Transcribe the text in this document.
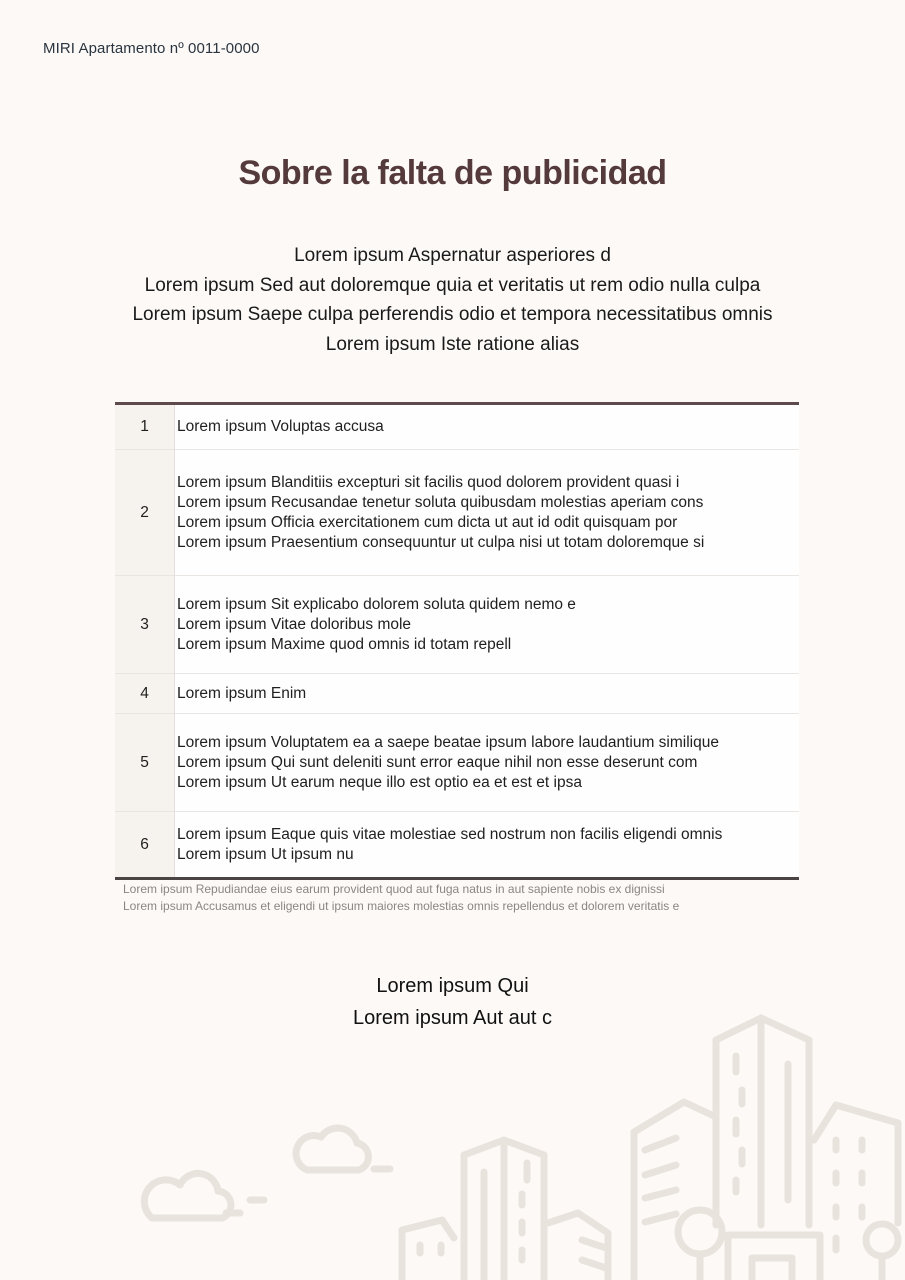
MIRI Apartamento nº 0011-0000
Sobre la falta de publicidad
Lorem ipsum Aspernatur asperiores d
Lorem ipsum Sed aut doloremque quia et veritatis ut rem odio nulla culpa
Lorem ipsum Saepe culpa perferendis odio et tempora necessitatibus omnis
Lorem ipsum Iste ratione alias
1	Lorem ipsum Voluptas accusa

2	Lorem ipsum Blanditiis excepturi sit facilis quod dolorem provident quasi i
Lorem ipsum Recusandae tenetur soluta quibusdam molestias aperiam cons
Lorem ipsum Officia exercitationem cum dicta ut aut id odit quisquam por
Lorem ipsum Praesentium consequuntur ut culpa nisi ut totam doloremque si

3	Lorem ipsum Sit explicabo dolorem soluta quidem nemo e
Lorem ipsum Vitae doloribus mole
Lorem ipsum Maxime quod omnis id totam repell

4	Lorem ipsum Enim

5	Lorem ipsum Voluptatem ea a saepe beatae ipsum labore laudantium similique
Lorem ipsum Qui sunt deleniti sunt error eaque nihil non esse deserunt com
Lorem ipsum Ut earum neque illo est optio ea et est et ipsa

6	Lorem ipsum Eaque quis vitae molestiae sed nostrum non facilis eligendi omnis
Lorem ipsum Ut ipsum nu
Lorem ipsum Repudiandae eius earum provident quod aut fuga natus in aut sapiente nobis ex dignissi
Lorem ipsum Accusamus et eligendi ut ipsum maiores molestias omnis repellendus et dolorem veritatis e
Lorem ipsum Qui
Lorem ipsum Aut aut c
